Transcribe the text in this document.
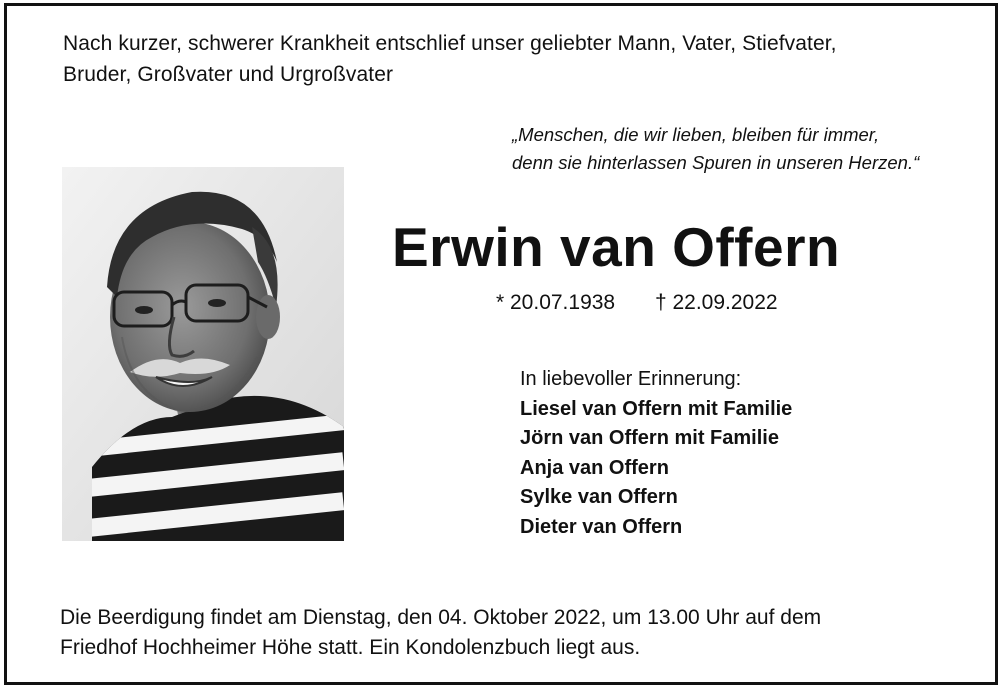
Nach kurzer, schwerer Krankheit entschlief unser geliebter Mann, Vater, Stiefvater,
Bruder, Großvater und Urgroßvater
„Menschen, die wir lieben, bleiben für immer,
denn sie hinterlassen Spuren in unseren Herzen.“
Erwin van Offern
* 20.07.1938 † 22.09.2022
In liebevoller Erinnerung:
Liesel van Offern mit Familie
Jörn van Offern mit Familie
Anja van Offern
Sylke van Offern
Dieter van Offern
Die Beerdigung findet am Dienstag, den 04. Oktober 2022, um 13.00 Uhr auf dem
Friedhof Hochheimer Höhe statt. Ein Kondolenzbuch liegt aus.
